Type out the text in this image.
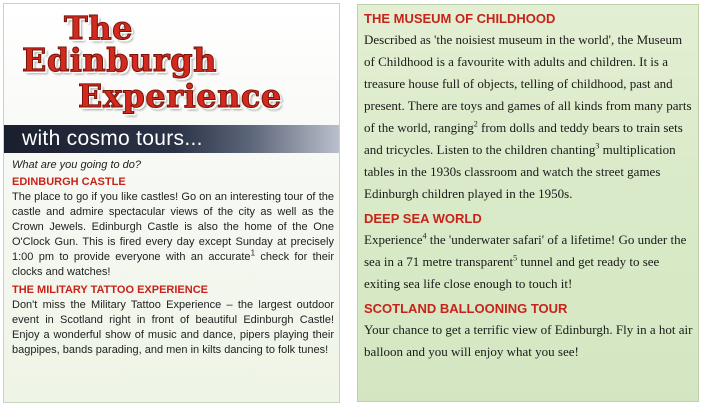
The
Edinburgh
Experience
with cosmo tours...

What are you going to do?

EDINBURGH CASTLE

The place to go if you like castles! Go on an interesting tour of the castle and admire spectacular views of the city as well as the Crown Jewels. Edinburgh Castle is also the home of the One O'Clock Gun. This is fired every day except Sunday at precisely 1:00 pm to provide everyone with an accurate$^1$ check for their clocks and watches!

THE MILITARY TATTOO EXPERIENCE

Don't miss the Military Tattoo Experience – the largest outdoor event in Scotland right in front of beautiful Edinburgh Castle! Enjoy a wonderful show of music and dance, pipers playing their bagpipes, bands parading, and men in kilts dancing to folk tunes!

THE MUSEUM OF CHILDHOOD

Described as 'the noisiest museum in the world', the Museum of Childhood is a favourite with adults and children. It is a treasure house full of objects, telling of childhood, past and present. There are toys and games of all kinds from many parts of the world, ranging$^2$ from dolls and teddy bears to train sets and tricycles. Listen to the children chanting$^3$ multiplication tables in the 1930s classroom and watch the street games Edinburgh children played in the 1950s.

DEEP SEA WORLD

Experience$^4$ the 'underwater safari' of a lifetime! Go under the sea in a 71 metre transparent$^5$ tunnel and get ready to see exiting sea life close enough to touch it!

SCOTLAND BALLOONING TOUR

Your chance to get a terrific view of Edinburgh. Fly in a hot air balloon and you will enjoy what you see!
